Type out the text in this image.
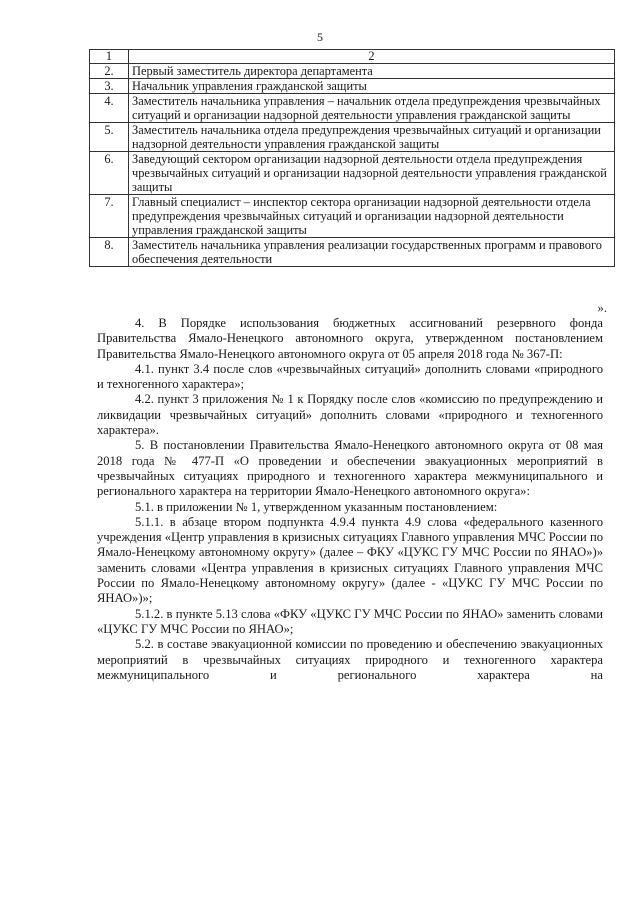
5
1	2
2.	Первый заместитель директора департамента
3.	Начальник управления гражданской защиты
4.	Заместитель начальника управления – начальник отдела предупреждения чрезвычайных ситуаций и организации надзорной деятельности управления гражданской защиты
5.	Заместитель начальника отдела предупреждения чрезвычайных ситуаций и организации надзорной деятельности управления гражданской защиты
6.	Заведующий сектором организации надзорной деятельности отдела предупреждения чрезвычайных ситуаций и организации надзорной деятельности управления гражданской защиты
7.	Главный специалист – инспектор сектора организации надзорной деятельности отдела предупреждения чрезвычайных ситуаций и организации надзорной деятельности управления гражданской защиты
8.	Заместитель начальника управления реализации государственных программ и правового обеспечения деятельности
».

4. В Порядке использования бюджетных ассигнований резервного фонда Правительства Ямало-Ненецкого автономного округа, утвержденном постановлением Правительства Ямало-Ненецкого автономного округа от 05 апреля 2018 года № 367-П:

4.1. пункт 3.4 после слов «чрезвычайных ситуаций» дополнить словами «природного и техногенного характера»;

4.2. пункт 3 приложения № 1 к Порядку после слов «комиссию по предупреждению и ликвидации чрезвычайных ситуаций» дополнить словами «природного и техногенного характера».

5. В постановлении Правительства Ямало-Ненецкого автономного округа от 08 мая 2018 года № 477-П «О проведении и обеспечении эвакуационных мероприятий в чрезвычайных ситуациях природного и техногенного характера межмуниципального и регионального характера на территории Ямало-Ненецкого автономного округа»:

5.1. в приложении № 1, утвержденном указанным постановлением:

5.1.1. в абзаце втором подпункта 4.9.4 пункта 4.9 слова «федерального казенного учреждения «Центр управления в кризисных ситуациях Главного управления МЧС России по Ямало-Ненецкому автономному округу» (далее – ФКУ «ЦУКС ГУ МЧС России по ЯНАО»)» заменить словами «Центра управления в кризисных ситуациях Главного управления МЧС России по Ямало-Ненецкому автономному округу» (далее - «ЦУКС ГУ МЧС России по ЯНАО»)»;

5.1.2. в пункте 5.13 слова «ФКУ «ЦУКС ГУ МЧС России по ЯНАО» заменить словами «ЦУКС ГУ МЧС России по ЯНАО»;

5.2. в составе эвакуационной комиссии по проведению и обеспечению эвакуационных мероприятий в чрезвычайных ситуациях природного и техногенного характера межмуниципального и регионального характера на
